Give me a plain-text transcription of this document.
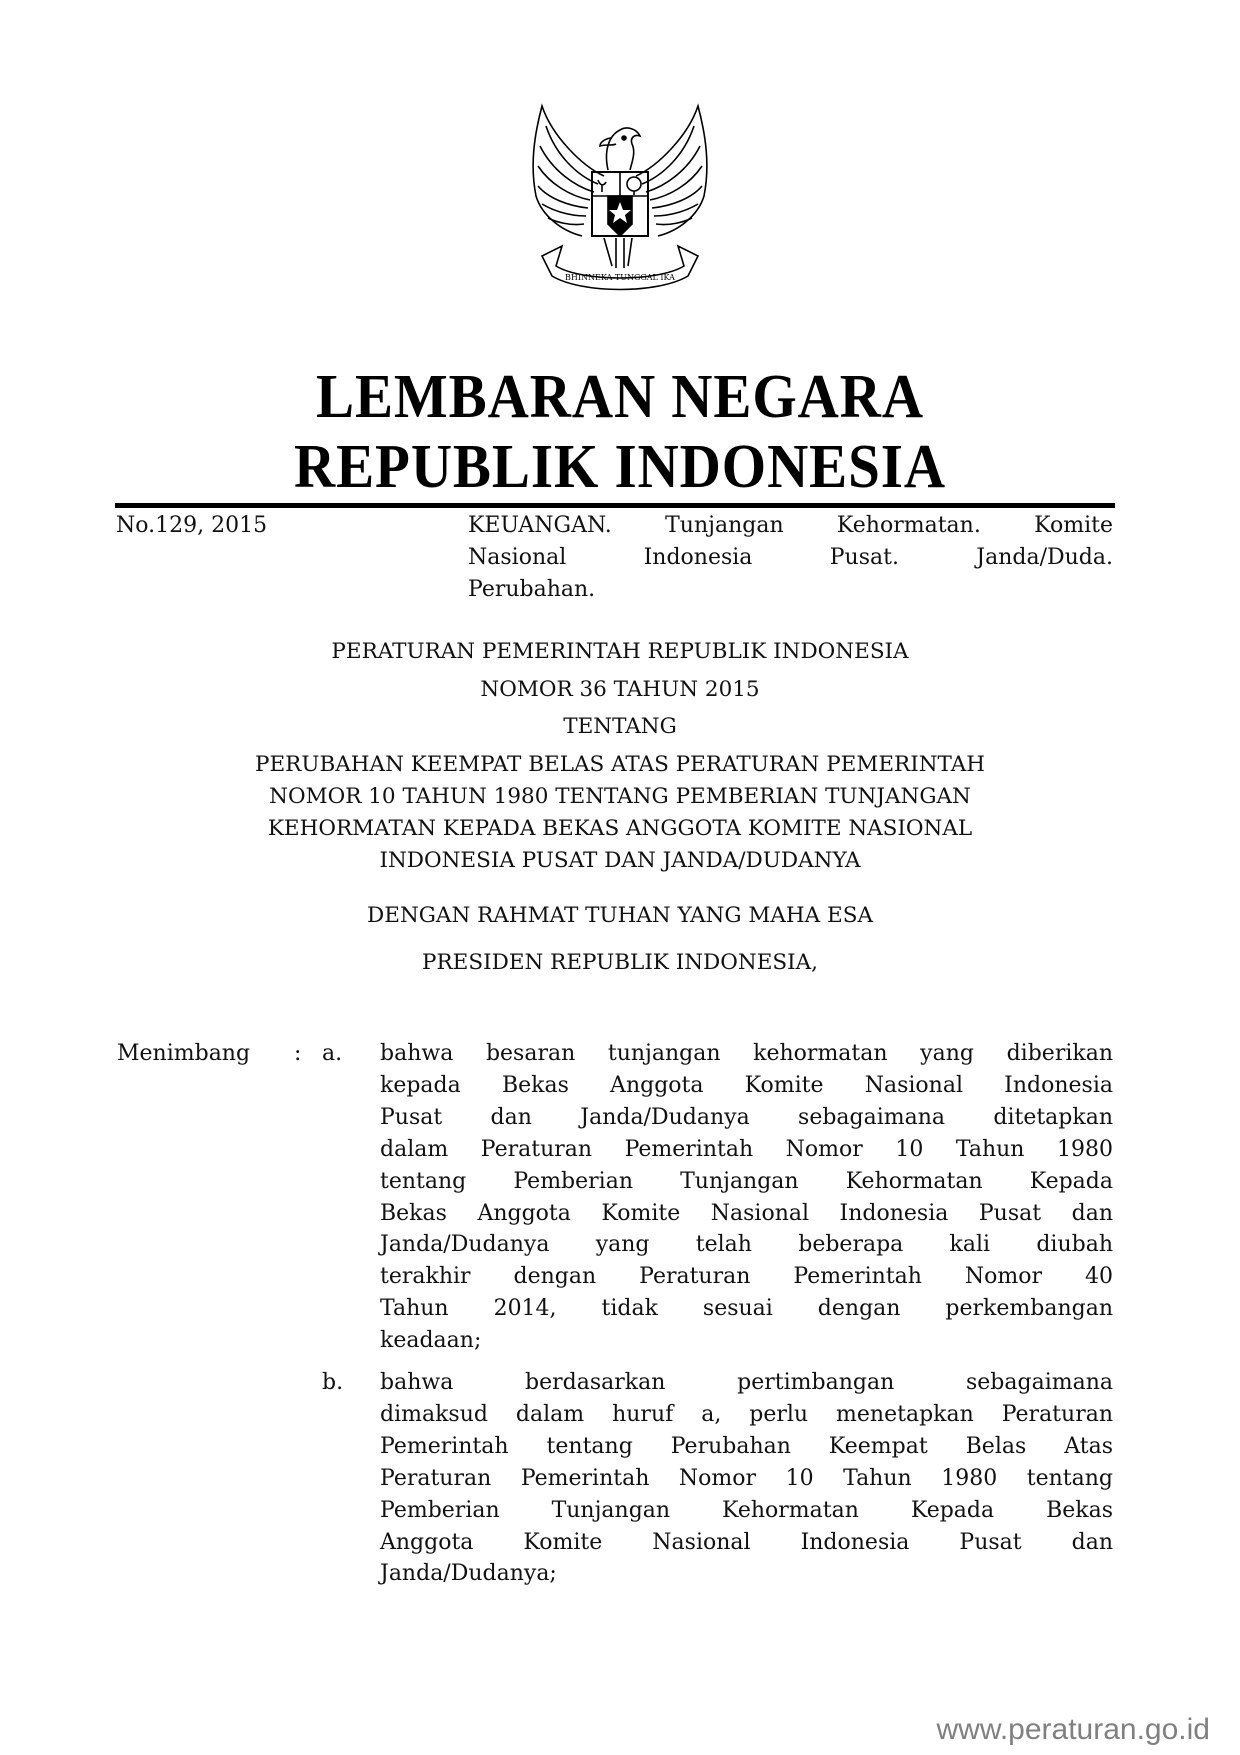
BHINNEKA TUNGGAL IKA
LEMBARAN NEGARA
REPUBLIK INDONESIA
No.129, 2015	KEUANGAN. Tunjangan Kehormatan. Komite
Nasional Indonesia Pusat. Janda/Duda.
Perubahan.
PERATURAN PEMERINTAH REPUBLIK INDONESIA
NOMOR 36 TAHUN 2015
TENTANG
PERUBAHAN KEEMPAT BELAS ATAS PERATURAN PEMERINTAH
NOMOR 10 TAHUN 1980 TENTANG PEMBERIAN TUNJANGAN
KEHORMATAN KEPADA BEKAS ANGGOTA KOMITE NASIONAL
INDONESIA PUSAT DAN JANDA/DUDANYA
DENGAN RAHMAT TUHAN YANG MAHA ESA
PRESIDEN REPUBLIK INDONESIA,
Menimbang : a. bahwa besaran tunjangan kehormatan yang diberikan
kepada Bekas Anggota Komite Nasional Indonesia
Pusat dan Janda/Dudanya sebagaimana ditetapkan
dalam Peraturan Pemerintah Nomor 10 Tahun 1980
tentang Pemberian Tunjangan Kehormatan Kepada
Bekas Anggota Komite Nasional Indonesia Pusat dan
Janda/Dudanya yang telah beberapa kali diubah
terakhir dengan Peraturan Pemerintah Nomor 40
Tahun 2014, tidak sesuai dengan perkembangan
keadaan;
b. bahwa berdasarkan pertimbangan sebagaimana
dimaksud dalam huruf a, perlu menetapkan Peraturan
Pemerintah tentang Perubahan Keempat Belas Atas
Peraturan Pemerintah Nomor 10 Tahun 1980 tentang
Pemberian Tunjangan Kehormatan Kepada Bekas
Anggota Komite Nasional Indonesia Pusat dan
Janda/Dudanya;
www.peraturan.go.id
